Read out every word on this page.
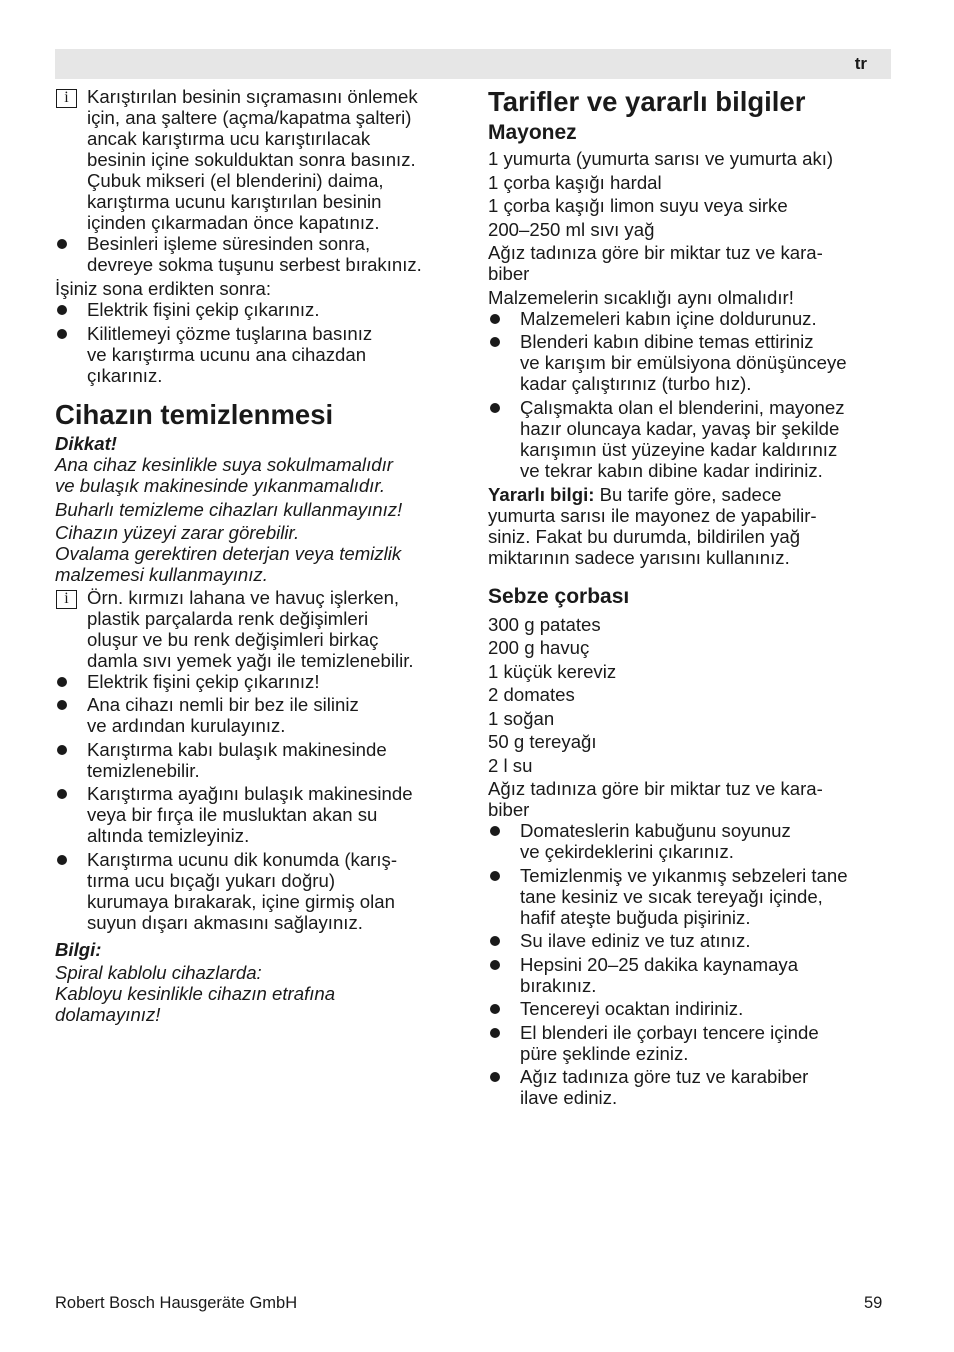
tr
i Karıştırılan besinin sıçramasını önlemek
için, ana şaltere (açma/kapatma şalteri)
ancak karıştırma ucu karıştırılacak
besinin içine sokulduktan sonra basınız.
Çubuk mikseri (el blenderini) daima,
karıştırma ucunu karıştırılan besinin
içinden çıkarmadan önce kapatınız.
Besinleri işleme süresinden sonra,
devreye sokma tuşunu serbest bırakınız.

İşiniz sona erdikten sonra:

Elektrik fişini çekip çıkarınız.
Kilitlemeyi çözme tuşlarına basınız
ve karıştırma ucunu ana cihazdan
çıkarınız.
Cihazın temizlenmesi

Dikkat!

Ana cihaz kesinlikle suya sokulmamalıdır
ve bulaşık makinesinde yıkanmamalıdır.

Buharlı temizleme cihazları kullanmayınız!

Cihazın yüzeyi zarar görebilir.
Ovalama gerektiren deterjan veya temizlik
malzemesi kullanmayınız.

i Örn. kırmızı lahana ve havuç işlerken,
plastik parçalarda renk değişimleri
oluşur ve bu renk değişimleri birkaç
damla sıvı yemek yağı ile temizlenebilir.
Elektrik fişini çekip çıkarınız!
Ana cihazı nemli bir bez ile siliniz
ve ardından kurulayınız.
Karıştırma kabı bulaşık makinesinde
temizlenebilir.
Karıştırma ayağını bulaşık makinesinde
veya bir fırça ile musluktan akan su
altında temizleyiniz.
Karıştırma ucunu dik konumda (karış-
tırma ucu bıçağı yukarı doğru)
kurumaya bırakarak, içine girmiş olan
suyun dışarı akmasını sağlayınız.

Bilgi:

Spiral kablolu cihazlarda:
Kabloyu kesinlikle cihazın etrafına
dolamayınız!

Tarifler ve yararlı bilgiler
Mayonez

1 yumurta (yumurta sarısı ve yumurta akı)

1 çorba kaşığı hardal

1 çorba kaşığı limon suyu veya sirke

200–250 ml sıvı yağ

Ağız tadınıza göre bir miktar tuz ve kara-
biber

Malzemelerin sıcaklığı aynı olmalıdır!

Malzemeleri kabın içine doldurunuz.
Blenderi kabın dibine temas ettiriniz
ve karışım bir emülsiyona dönüşünceye
kadar çalıştırınız (turbo hız).
Çalışmakta olan el blenderini, mayonez
hazır oluncaya kadar, yavaş bir şekilde
karışımın üst yüzeyine kadar kaldırınız
ve tekrar kabın dibine kadar indiriniz.

Yararlı bilgi: Bu tarife göre, sadece
yumurta sarısı ile mayonez de yapabilir-
siniz. Fakat bu durumda, bildirilen yağ
miktarının sadece yarısını kullanınız.

Sebze çorbası

300 g patates

200 g havuç

1 küçük kereviz

2 domates

1 soğan

50 g tereyağı

2 l su

Ağız tadınıza göre bir miktar tuz ve kara-
biber

Domateslerin kabuğunu soyunuz
ve çekirdeklerini çıkarınız.
Temizlenmiş ve yıkanmış sebzeleri tane
tane kesiniz ve sıcak tereyağı içinde,
hafif ateşte buğuda pişiriniz.
Su ilave ediniz ve tuz atınız.
Hepsini 20–25 dakika kaynamaya
bırakınız.
Tencereyi ocaktan indiriniz.
El blenderi ile çorbayı tencere içinde
püre şeklinde eziniz.
Ağız tadınıza göre tuz ve karabiber
ilave ediniz.
Robert Bosch Hausgeräte GmbH	59
